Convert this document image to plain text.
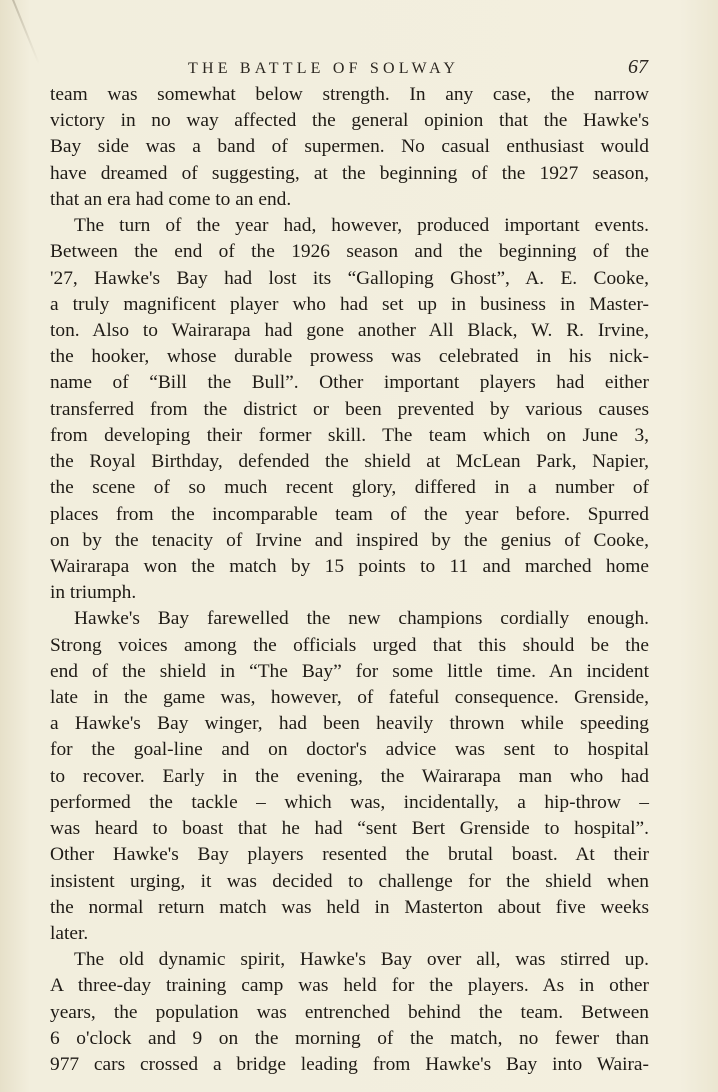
THE BATTLE OF SOLWAY	67
team was somewhat below strength. In any case, the narrow
victory in no way affected the general opinion that the Hawke's
Bay side was a band of supermen. No casual enthusiast would
have dreamed of suggesting, at the beginning of the 1927 season,
that an era had come to an end.
The turn of the year had, however, produced important events.
Between the end of the 1926 season and the beginning of the
'27, Hawke's Bay had lost its “Galloping Ghost”, A. E. Cooke,
a truly magnificent player who had set up in business in Master-
ton. Also to Wairarapa had gone another All Black, W. R. Irvine,
the hooker, whose durable prowess was celebrated in his nick-
name of “Bill the Bull”. Other important players had either
transferred from the district or been prevented by various causes
from developing their former skill. The team which on June 3,
the Royal Birthday, defended the shield at McLean Park, Napier,
the scene of so much recent glory, differed in a number of
places from the incomparable team of the year before. Spurred
on by the tenacity of Irvine and inspired by the genius of Cooke,
Wairarapa won the match by 15 points to 11 and marched home
in triumph.
Hawke's Bay farewelled the new champions cordially enough.
Strong voices among the officials urged that this should be the
end of the shield in “The Bay” for some little time. An incident
late in the game was, however, of fateful consequence. Grenside,
a Hawke's Bay winger, had been heavily thrown while speeding
for the goal-line and on doctor's advice was sent to hospital
to recover. Early in the evening, the Wairarapa man who had
performed the tackle – which was, incidentally, a hip-throw –
was heard to boast that he had “sent Bert Grenside to hospital”.
Other Hawke's Bay players resented the brutal boast. At their
insistent urging, it was decided to challenge for the shield when
the normal return match was held in Masterton about five weeks
later.
The old dynamic spirit, Hawke's Bay over all, was stirred up.
A three-day training camp was held for the players. As in other
years, the population was entrenched behind the team. Between
6 o'clock and 9 on the morning of the match, no fewer than
977 cars crossed a bridge leading from Hawke's Bay into Waira-
